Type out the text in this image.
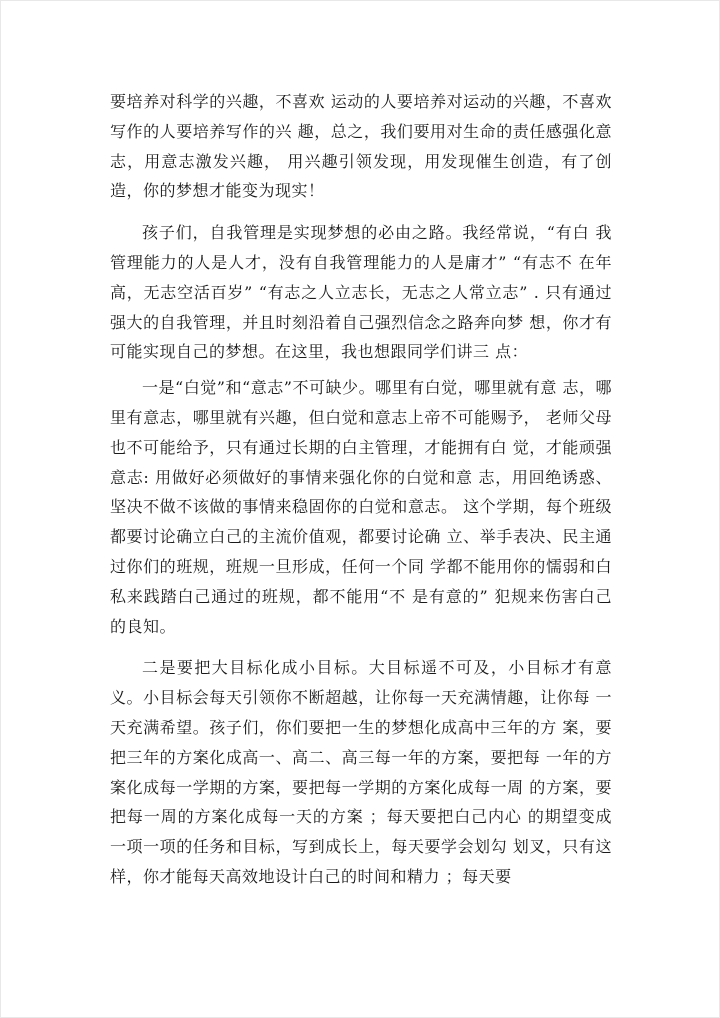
要培养对科学的兴趣，不喜欢 运动的人要培养对运动的兴趣，不喜欢写作的人要培养写作的兴 趣，总之，我们要用对生命的责任感强化意志，用意志激发兴趣， 用兴趣引领发现，用发现催生创造，有了创造，你的梦想才能变为现实！

孩子们，自我管理是实现梦想的必由之路。我经常说，“有白 我管理能力的人是人才，没有自我管理能力的人是庸才” “有志不 在年高，无志空活百岁” “有志之人立志长，无志之人常立志” . 只有通过强大的自我管理，并且时刻沿着自己强烈信念之路奔向梦 想，你才有可能实现自己的梦想。在这里，我也想跟同学们讲三 点：

一是“白觉”和“意志”不可缺少。哪里有白觉，哪里就有意 志，哪里有意志，哪里就有兴趣，但白觉和意志上帝不可能赐予， 老师父母也不可能给予，只有通过长期的白主管理，才能拥有白 觉，才能顽强意志: 用做好必须做好的事情来强化你的白觉和意 志，用回绝诱惑、坚决不做不该做的事情来稳固你的白觉和意志。 这个学期，每个班级都要讨论确立白己的主流价值观，都要讨论确 立、举手表决、民主通过你们的班规，班规一旦形成，任何一个同 学都不能用你的懦弱和白私来践踏白己通过的班规，都不能用“不 是有意的” 犯规来伤害白己的良知。

二是要把大目标化成小目标。大目标遥不可及，小目标才有意 义。小目标会每天引领你不断超越，让你每一天充满情趣，让你每 一天充满希望。孩子们，你们要把一生的梦想化成高中三年的方 案，要把三年的方案化成高一、高二、高三每一年的方案，要把每 一年的方案化成每一学期的方案，要把每一学期的方案化成每一周 的方案，要把每一周的方案化成每一天的方案 ；每天要把白己内心 的期望变成一项一项的任务和目标，写到成长上，每天要学会划勾 划叉，只有这样，你才能每天高效地设计白己的时间和精力 ；每天要
